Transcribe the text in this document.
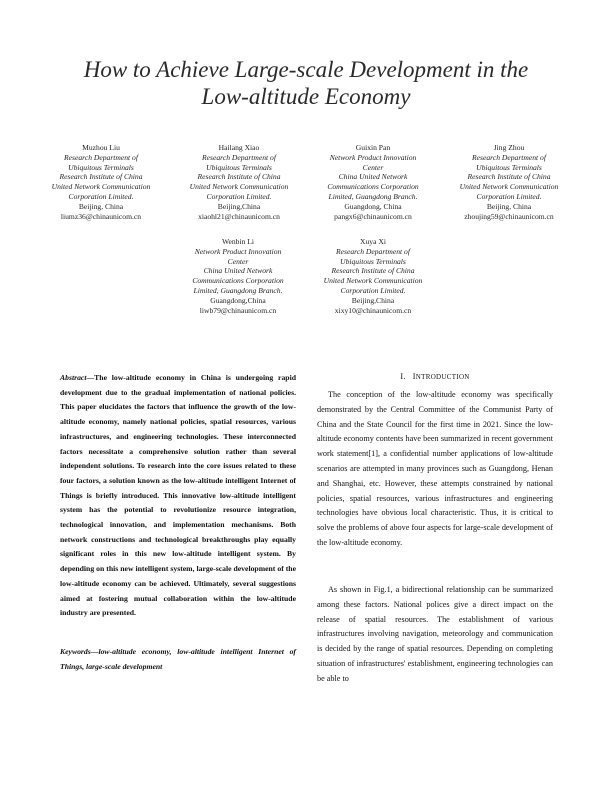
How to Achieve Large-scale Development in the
Low-altitude Economy
Muzhou Liu
Research Department of
Ubiquitous Terminals
Research Institute of China
United Network Communication
Corporation Limited.
Beijing, China
liumz36@chinaunicom.cn
Hailang Xiao
Research Department of
Ubiquitous Terminals
Research Institute of China
United Network Communication
Corporation Limited.
Beijing,China
xiaohl21@chinaunicom.cn
Guixin Pan
Network Product Innovation
Center
China United Network
Communications Corporation
Limited, Guangdong Branch.
Guangdong, China
pangx6@chinaunicom.cn
Jing Zhou
Research Department of
Ubiquitous Terminals
Research Institute of China
United Network Communication
Corporation Limited.
Beijing, China
zhoujing59@chinaunicom.cn
Wenbin Li
Network Product Innovation
Center
China United Network
Communications Corporation
Limited, Guangdong Branch.
Guangdong,China
liwb79@chinaunicom.cn
Xuya Xi
Research Department of
Ubiquitous Terminals
Research Institute of China
United Network Communication
Corporation Limited.
Beijing,China
xixy10@chinaunicom.cn
Abstract—The low-altitude economy in China is undergoing rapid development due to the gradual implementation of national policies. This paper elucidates the factors that influence the growth of the low-altitude economy, namely national policies, spatial resources, various infrastructures, and engineering technologies. These interconnected factors necessitate a comprehensive solution rather than several independent solutions. To research into the core issues related to these four factors, a solution known as the low-altitude intelligent Internet of Things is briefly introduced. This innovative low-altitude intelligent system has the potential to revolutionize resource integration, technological innovation, and implementation mechanisms. Both network constructions and technological breakthroughs play equally significant roles in this new low-altitude intelligent system. By depending on this new intelligent system, large-scale development of the low-altitude economy can be achieved. Ultimately, several suggestions aimed at fostering mutual collaboration within the low-altitude industry are presented.
Keywords—low-altitude economy, low-altitude intelligent Internet of Things, large-scale development
I. INTRODUCTION
The conception of the low-altitude economy was specifically demonstrated by the Central Committee of the Communist Party of China and the State Council for the first time in 2021. Since the low-altitude economy contents have been summarized in recent government work statement[1], a confidential number applications of low-altitude scenarios are attempted in many provinces such as Guangdong, Henan and Shanghai, etc. However, these attempts constrained by national policies, spatial resources, various infrastructures and engineering technologies have obvious local characteristic. Thus, it is critical to solve the problems of above four aspects for large-scale development of the low-altitude economy.
As shown in Fig.1, a bidirectional relationship can be summarized among these factors. National polices give a direct impact on the release of spatial resources. The establishment of various infrastructures involving navigation, meteorology and communication is decided by the range of spatial resources. Depending on completing situation of infrastructures' establishment, engineering technologies can be able to
